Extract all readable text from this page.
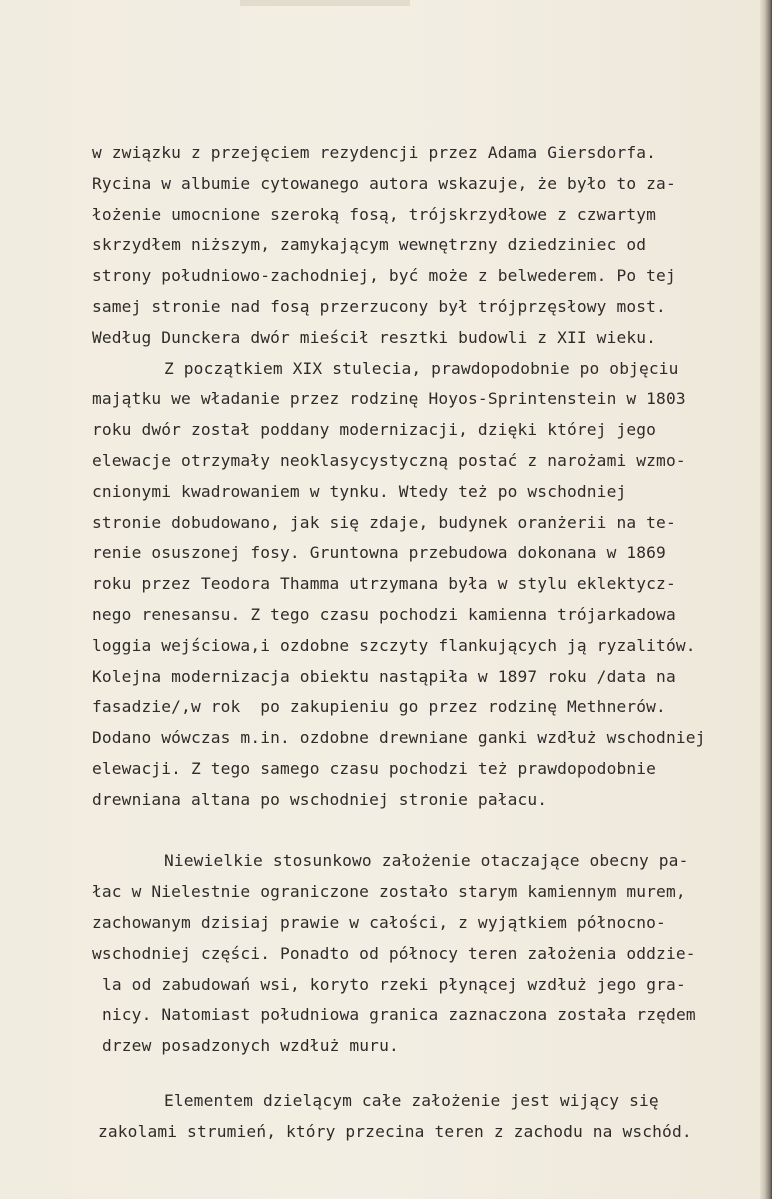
w związku z przejęciem rezydencji przez Adama Giersdorfa.
Rycina w albumie cytowanego autora wskazuje, że było to za-
łożenie umocnione szeroką fosą, trójskrzydłowe z czwartym
skrzydłem niższym, zamykającym wewnętrzny dziedziniec od
strony południowo-zachodniej, być może z belwederem. Po tej
samej stronie nad fosą przerzucony był trójprzęsłowy most.
Według Dunckera dwór mieścił resztki budowli z XII wieku.
Z początkiem XIX stulecia, prawdopodobnie po objęciu
majątku we władanie przez rodzinę Hoyos-Sprintenstein w 1803
roku dwór został poddany modernizacji, dzięki której jego
elewacje otrzymały neoklasycystyczną postać z narożami wzmo-
cnionymi kwadrowaniem w tynku. Wtedy też po wschodniej
stronie dobudowano, jak się zdaje, budynek oranżerii na te-
renie osuszonej fosy. Gruntowna przebudowa dokonana w 1869
roku przez Teodora Thamma utrzymana była w stylu eklektycz-
nego renesansu. Z tego czasu pochodzi kamienna trójarkadowa
loggia wejściowa,i ozdobne szczyty flankujących ją ryzalitów.
Kolejna modernizacja obiektu nastąpiła w 1897 roku /data na
fasadzie/,w rok  po zakupieniu go przez rodzinę Methnerów.
Dodano wówczas m.in. ozdobne drewniane ganki wzdłuż wschodniej
elewacji. Z tego samego czasu pochodzi też prawdopodobnie
drewniana altana po wschodniej stronie pałacu.
Niewielkie stosunkowo założenie otaczające obecny pa-
łac w Nielestnie ograniczone zostało starym kamiennym murem,
zachowanym dzisiaj prawie w całości, z wyjątkiem północno-
wschodniej części. Ponadto od północy teren założenia oddzie-
la od zabudowań wsi, koryto rzeki płynącej wzdłuż jego gra-
nicy. Natomiast południowa granica zaznaczona została rzędem
drzew posadzonych wzdłuż muru.
Elementem dzielącym całe założenie jest wijący się
zakolami strumień, który przecina teren z zachodu na wschód.
